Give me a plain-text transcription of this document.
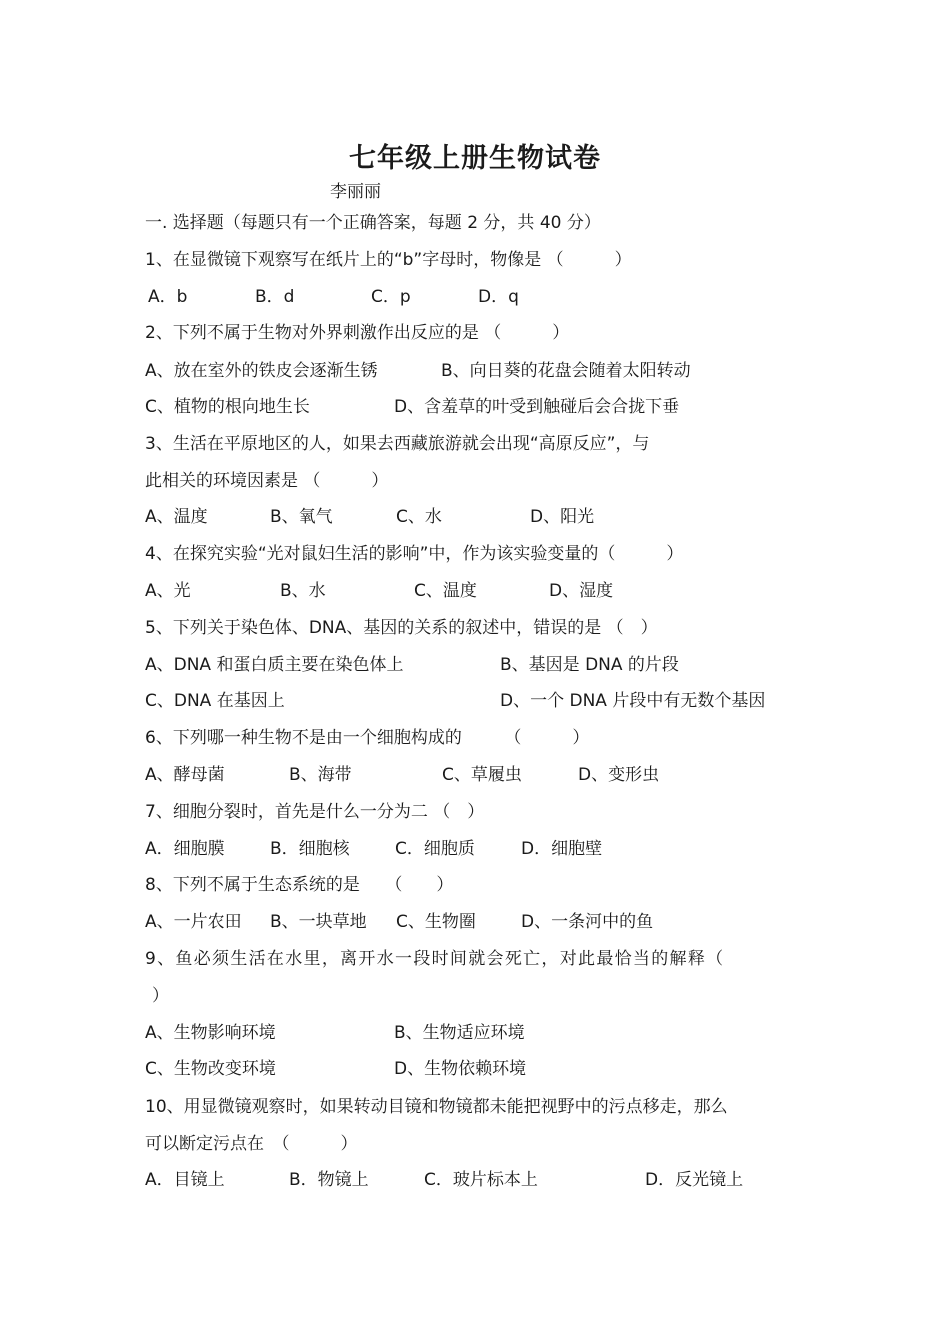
七年级上册生物试卷
李丽丽
一. 选择题（每题只有一个正确答案，每题 2 分，共 40 分）
1、在显微镜下观察写在纸片上的“b”字母时，物像是 （　　　）
A．b	B．d	C．p	D．q
2、下列不属于生物对外界刺激作出反应的是 （　　　）
A、放在室外的铁皮会逐渐生锈	B、向日葵的花盘会随着太阳转动
C、植物的根向地生长	D、含羞草的叶受到触碰后会合拢下垂
3、生活在平原地区的人，如果去西藏旅游就会出现“高原反应”，与
此相关的环境因素是 （　　　）
A、温度	B、氧气	C、水	D、阳光
4、在探究实验“光对鼠妇生活的影响”中，作为该实验变量的（　　　）
A、光	B、水	C、温度	D、湿度
5、下列关于染色体、DNA、基因的关系的叙述中，错误的是 （　）
A、DNA 和蛋白质主要在染色体上	B、基因是 DNA 的片段
C、DNA 在基因上	D、一个 DNA 片段中有无数个基因
6、下列哪一种生物不是由一个细胞构成的　　　（　　　）
A、酵母菌	B、海带	C、草履虫	D、变形虫
7、细胞分裂时，首先是什么一分为二 （　）
A．细胞膜	B．细胞核	C．细胞质	D．细胞壁
8、下列不属于生态系统的是　　（　　）
A、一片农田 B、一块草地 C、生物圈	D、一条河中的鱼
9、鱼必须生活在水里，离开水一段时间就会死亡，对此最恰当的解释（
）
A、生物影响环境	B、生物适应环境
C、生物改变环境	D、生物依赖环境
10、用显微镜观察时，如果转动目镜和物镜都未能把视野中的污点移走，那么
可以断定污点在　（　　　）
A．目镜上	B．物镜上	C．玻片标本上	D．反光镜上
